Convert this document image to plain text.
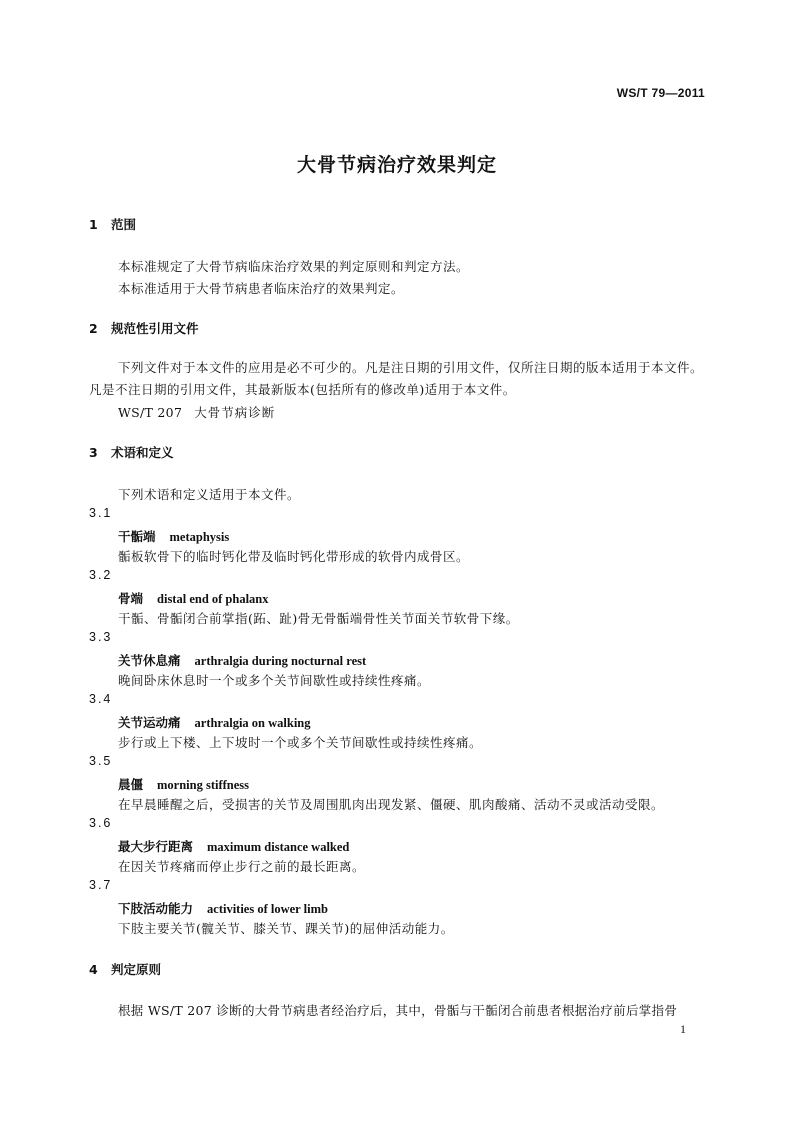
WS/T 79—2011
大骨节病治疗效果判定
1 范围
本标准规定了大骨节病临床治疗效果的判定原则和判定方法。
本标准适用于大骨节病患者临床治疗的效果判定。
2 规范性引用文件
下列文件对于本文件的应用是必不可少的。凡是注日期的引用文件，仅所注日期的版本适用于本文件。凡是不注日期的引用文件，其最新版本(包括所有的修改单)适用于本文件。
WS/T 207 大骨节病诊断
3 术语和定义
下列术语和定义适用于本文件。
3.1
干骺端 metaphysis
骺板软骨下的临时钙化带及临时钙化带形成的软骨内成骨区。
3.2
骨端 distal end of phalanx
干骺、骨骺闭合前掌指(跖、趾)骨无骨骺端骨性关节面关节软骨下缘。
3.3
关节休息痛 arthralgia during nocturnal rest
晚间卧床休息时一个或多个关节间歇性或持续性疼痛。
3.4
关节运动痛 arthralgia on walking
步行或上下楼、上下坡时一个或多个关节间歇性或持续性疼痛。
3.5
晨僵 morning stiffness
在早晨睡醒之后，受损害的关节及周围肌肉出现发紧、僵硬、肌肉酸痛、活动不灵或活动受限。
3.6
最大步行距离 maximum distance walked
在因关节疼痛而停止步行之前的最长距离。
3.7
下肢活动能力 activities of lower limb
下肢主要关节(髋关节、膝关节、踝关节)的屈伸活动能力。
4 判定原则
根据 WS/T 207 诊断的大骨节病患者经治疗后，其中，骨骺与干骺闭合前患者根据治疗前后掌指骨
1
